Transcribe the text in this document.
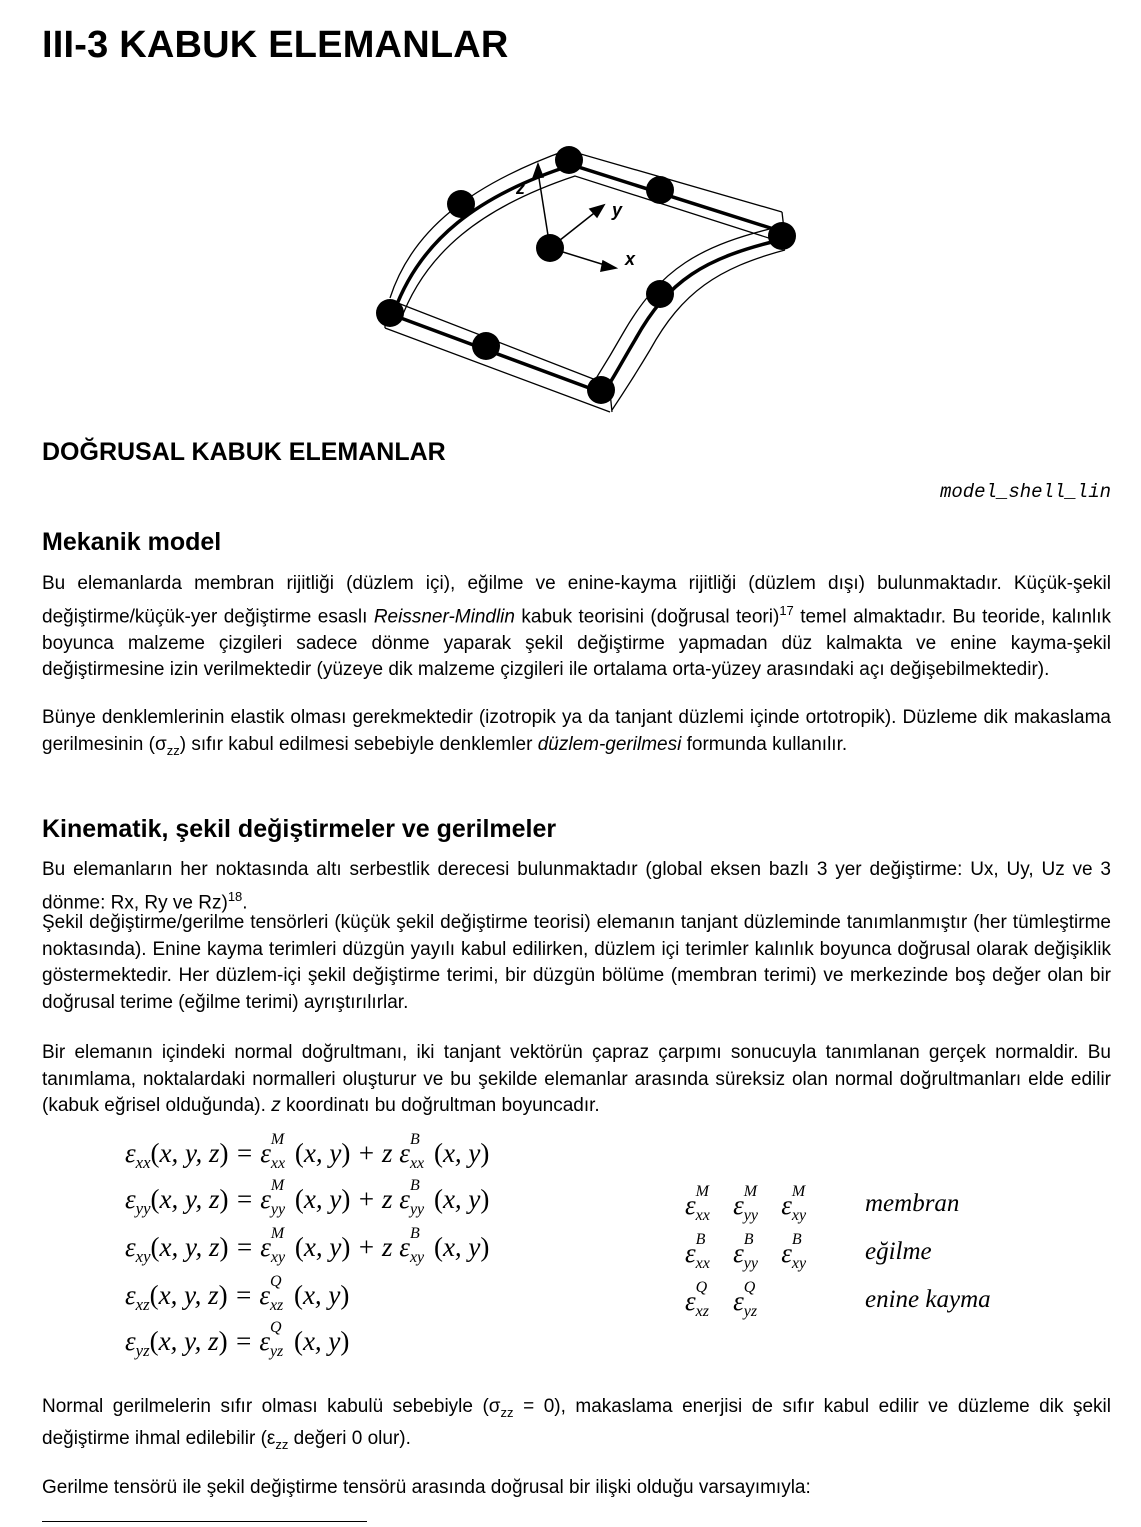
III-3 KABUK ELEMANLAR
z
y
x
DOĞRUSAL KABUK ELEMANLAR
model_shell_lin
Mekanik model

Bu elemanlarda membran rijitliği (düzlem içi), eğilme ve enine-kayma rijitliği (düzlem dışı) bulunmaktadır. Küçük-şekil değiştirme/küçük-yer değiştirme esaslı Reissner-Mindlin kabuk teorisini (doğrusal teori)$^{17}$ temel almaktadır. Bu teoride, kalınlık boyunca malzeme çizgileri sadece dönme yaparak şekil değiştirme yapmadan düz kalmakta ve enine kayma-şekil değiştirmesine izin verilmektedir (yüzeye dik malzeme çizgileri ile ortalama orta-yüzey arasındaki açı değişebilmektedir).

Bünye denklemlerinin elastik olması gerekmektedir (izotropik ya da tanjant düzlemi içinde ortotropik). Düzleme dik makaslama gerilmesinin $(\sigma_{zz})$ sıfır kabul edilmesi sebebiyle denklemler düzlem-gerilmesi formunda kullanılır.

Kinematik, şekil değiştirmeler ve gerilmeler

Bu elemanların her noktasında altı serbestlik derecesi bulunmaktadır (global eksen bazlı 3 yer değiştirme: Ux, Uy, Uz ve 3 dönme: Rx, Ry ve Rz)$^{18}$.

Şekil değiştirme/gerilme tensörleri (küçük şekil değiştirme teorisi) elemanın tanjant düzleminde tanımlanmıştır (her tümleştirme noktasında). Enine kayma terimleri düzgün yayılı kabul edilirken, düzlem içi terimler kalınlık boyunca doğrusal olarak değişiklik göstermektedir. Her düzlem-içi şekil değiştirme terimi, bir düzgün bölüme (membran terimi) ve merkezinde boş değer olan bir doğrusal terime (eğilme terimi) ayrıştırılırlar.

Bir elemanın içindeki normal doğrultmanı, iki tanjant vektörün çapraz çarpımı sonucuyla tanımlanan gerçek normaldir. Bu tanımlama, noktalardaki normalleri oluşturur ve bu şekilde elemanlar arasında süreksiz olan normal doğrultmanları elde edilir (kabuk eğrisel olduğunda). z koordinatı bu doğrultman boyuncadır.

$\varepsilon_{xx}(x$, y, z) = ε M
xx (x, y) + z ε B
xx (x, y)
$\varepsilon_{yy}(x$, y, z) = ε M
yy (x, y) + z ε B
yy (x, y)
$\varepsilon_{xy}(x$, y, z) = ε M
xy (x, y) + z ε B
xy (x, y)
$\varepsilon_{xz}(x$, y, z) = ε Q
xz (x, y)
$\varepsilon_{yz}(x$, y, z) = ε Q
yz (x, y)
ε M
xx ε M
yy ε M
xy membran
ε B
xx ε B
yy ε B
xy eğilme
ε Q
xz ε Q
yz	enine kayma

Normal gerilmelerin sıfır olması kabulü sebebiyle $(\sigma_{zz} = 0)$, makaslama enerjisi de sıfır kabul edilir ve düzleme dik şekil değiştirme ihmal edilebilir ($\varepsilon_{zz}$ değeri 0 olur).

Gerilme tensörü ile şekil değiştirme tensörü arasında doğrusal bir ilişki olduğu varsayımıyla:
